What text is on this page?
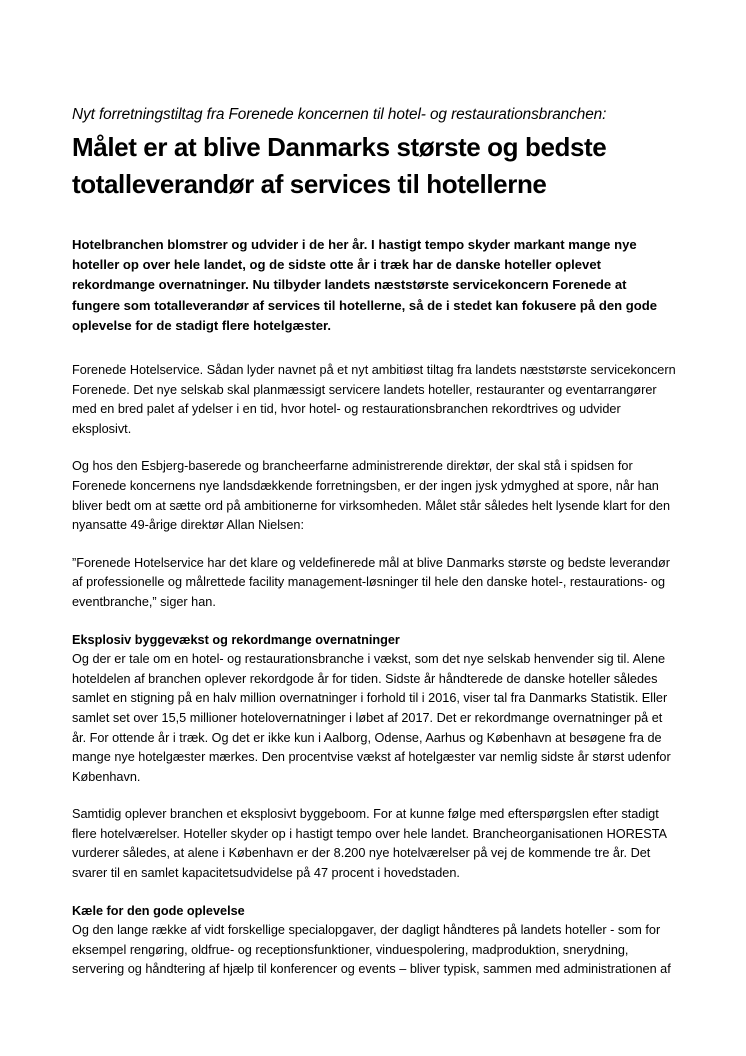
Nyt forretningstiltag fra Forenede koncernen til hotel- og restaurationsbranchen:

Målet er at blive Danmarks største og bedste totalleverandør af services til hotellerne

Hotelbranchen blomstrer og udvider i de her år. I hastigt tempo skyder markant mange nye hoteller op over hele landet, og de sidste otte år i træk har de danske hoteller oplevet rekordmange overnatninger. Nu tilbyder landets næststørste servicekoncern Forenede at fungere som totalleverandør af services til hotellerne, så de i stedet kan fokusere på den gode oplevelse for de stadigt flere hotelgæster.

Forenede Hotelservice. Sådan lyder navnet på et nyt ambitiøst tiltag fra landets næststørste servicekoncern Forenede. Det nye selskab skal planmæssigt servicere landets hoteller, restauranter og eventarrangører med en bred palet af ydelser i en tid, hvor hotel- og restaurationsbranchen rekordtrives og udvider eksplosivt.

Og hos den Esbjerg-baserede og brancheerfarne administrerende direktør, der skal stå i spidsen for Forenede koncernens nye landsdækkende forretningsben, er der ingen jysk ydmyghed at spore, når han bliver bedt om at sætte ord på ambitionerne for virksomheden. Målet står således helt lysende klart for den nyansatte 49-årige direktør Allan Nielsen:

”Forenede Hotelservice har det klare og veldefinerede mål at blive Danmarks største og bedste leverandør af professionelle og målrettede facility management-løsninger til hele den danske hotel-, restaurations- og eventbranche,” siger han.

Eksplosiv byggevækst og rekordmange overnatninger

Og der er tale om en hotel- og restaurationsbranche i vækst, som det nye selskab henvender sig til. Alene hoteldelen af branchen oplever rekordgode år for tiden. Sidste år håndterede de danske hoteller således samlet en stigning på en halv million overnatninger i forhold til i 2016, viser tal fra Danmarks Statistik. Eller samlet set over 15,5 millioner hotelovernatninger i løbet af 2017. Det er rekordmange overnatninger på et år. For ottende år i træk. Og det er ikke kun i Aalborg, Odense, Aarhus og København at besøgene fra de mange nye hotelgæster mærkes. Den procentvise vækst af hotelgæster var nemlig sidste år størst udenfor København.

Samtidig oplever branchen et eksplosivt byggeboom. For at kunne følge med efterspørgslen efter stadigt flere hotelværelser. Hoteller skyder op i hastigt tempo over hele landet. Brancheorganisationen HORESTA vurderer således, at alene i København er der 8.200 nye hotelværelser på vej de kommende tre år. Det svarer til en samlet kapacitetsudvidelse på 47 procent i hovedstaden.

Kæle for den gode oplevelse

Og den lange række af vidt forskellige specialopgaver, der dagligt håndteres på landets hoteller - som for eksempel rengøring, oldfrue- og receptionsfunktioner, vinduespolering, madproduktion, snerydning, servering og håndtering af hjælp til konferencer og events – bliver typisk, sammen med administrationen af
